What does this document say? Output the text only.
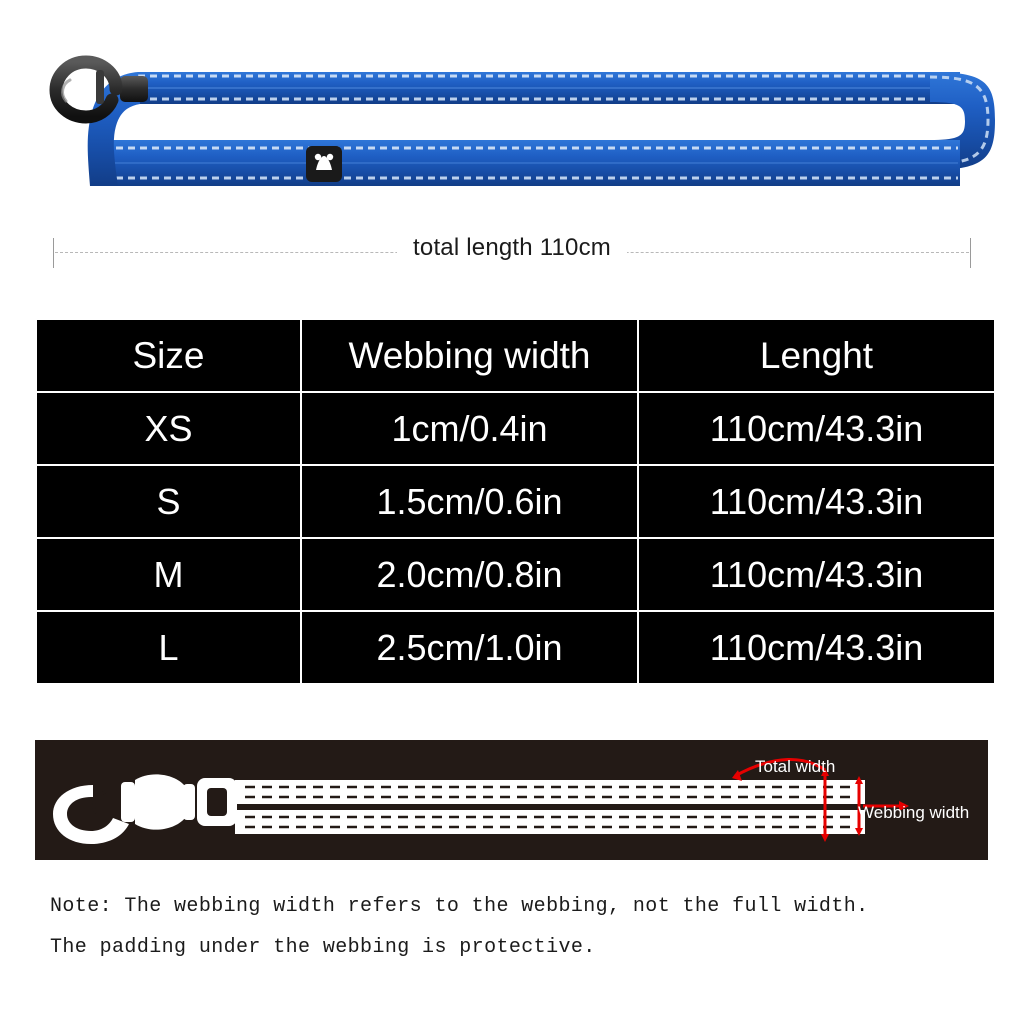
total length 110cm
Size	Webbing width	Lenght
XS	1cm/0.4in	110cm/43.3in
S	1.5cm/0.6in	110cm/43.3in
M	2.0cm/0.8in	110cm/43.3in
L	2.5cm/1.0in	110cm/43.3in
Total width
Webbing width

Note: The webbing width refers to the webbing, not the full width.

The padding under the webbing is protective.
